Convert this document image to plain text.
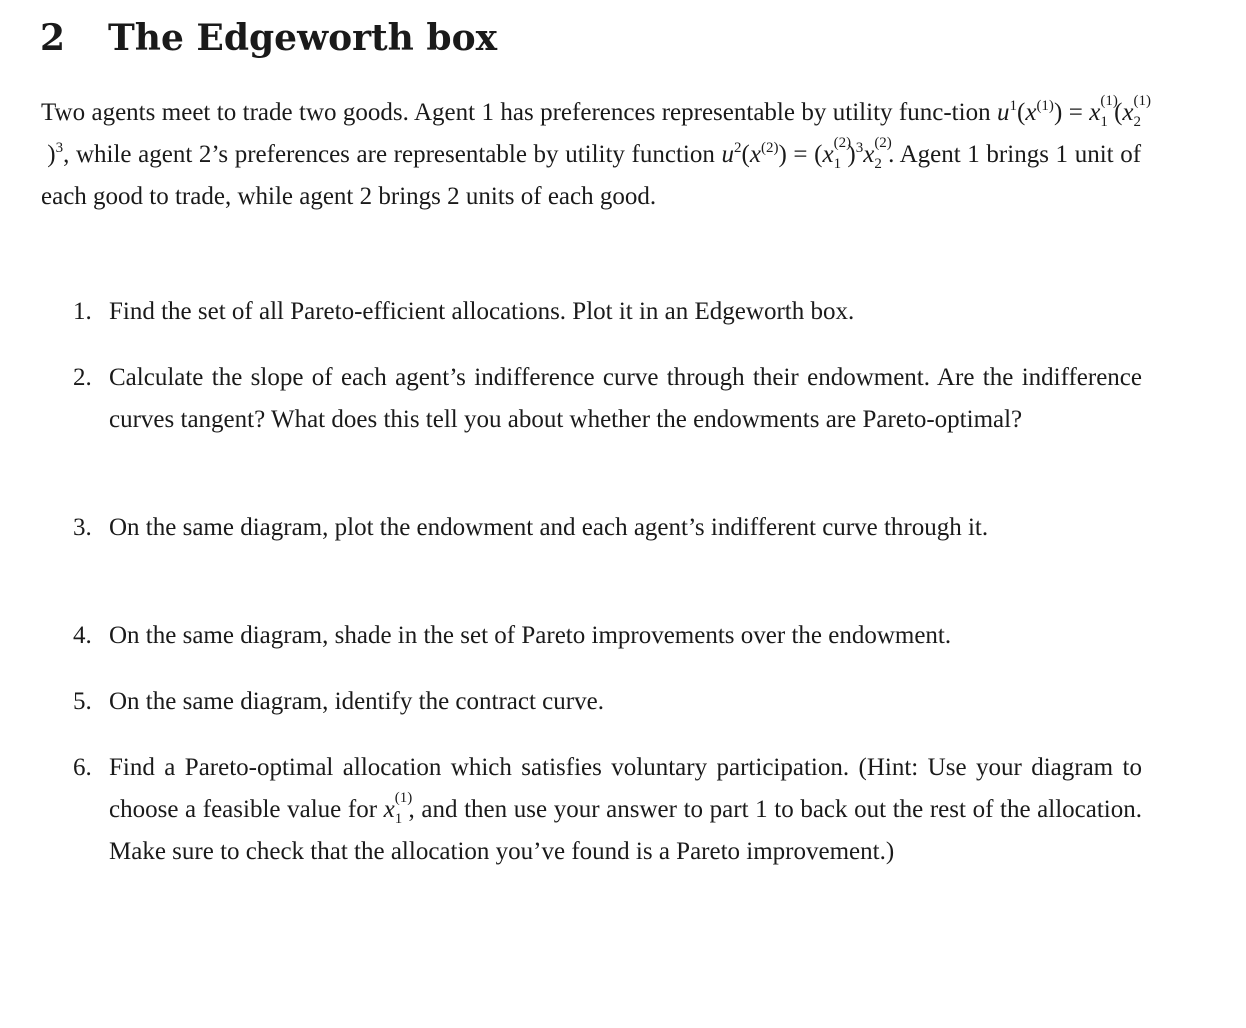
2 The Edgeworth box
Two agents meet to trade two goods. Agent 1 has preferences representable by utility func-tion $u^1(x^{(1)}) = x$ (1)
1    (x (1)
2   )$^3$, while agent 2’s preferences are representable by utility function $u^2(x^{(2)}) = (x$ (2)
1    )$^3$x (2)
2    . Agent 1 brings 1 unit of each good to trade, while agent 2 brings 2 units of each good.
1. Find the set of all Pareto-efficient allocations. Plot it in an Edgeworth box.
2. Calculate the slope of each agent’s indifference curve through their endowment. Are the indifference curves tangent? What does this tell you about whether the endowments are Pareto-optimal?
3. On the same diagram, plot the endowment and each agent’s indifferent curve through it.
4. On the same diagram, shade in the set of Pareto improvements over the endowment.
5. On the same diagram, identify the contract curve.
6. Find a Pareto-optimal allocation which satisfies voluntary participation. (Hint: Use your diagram to choose a feasible value for x (1)
1    , and then use your answer to part 1 to back out the rest of the allocation. Make sure to check that the allocation you’ve found is a Pareto improvement.)
